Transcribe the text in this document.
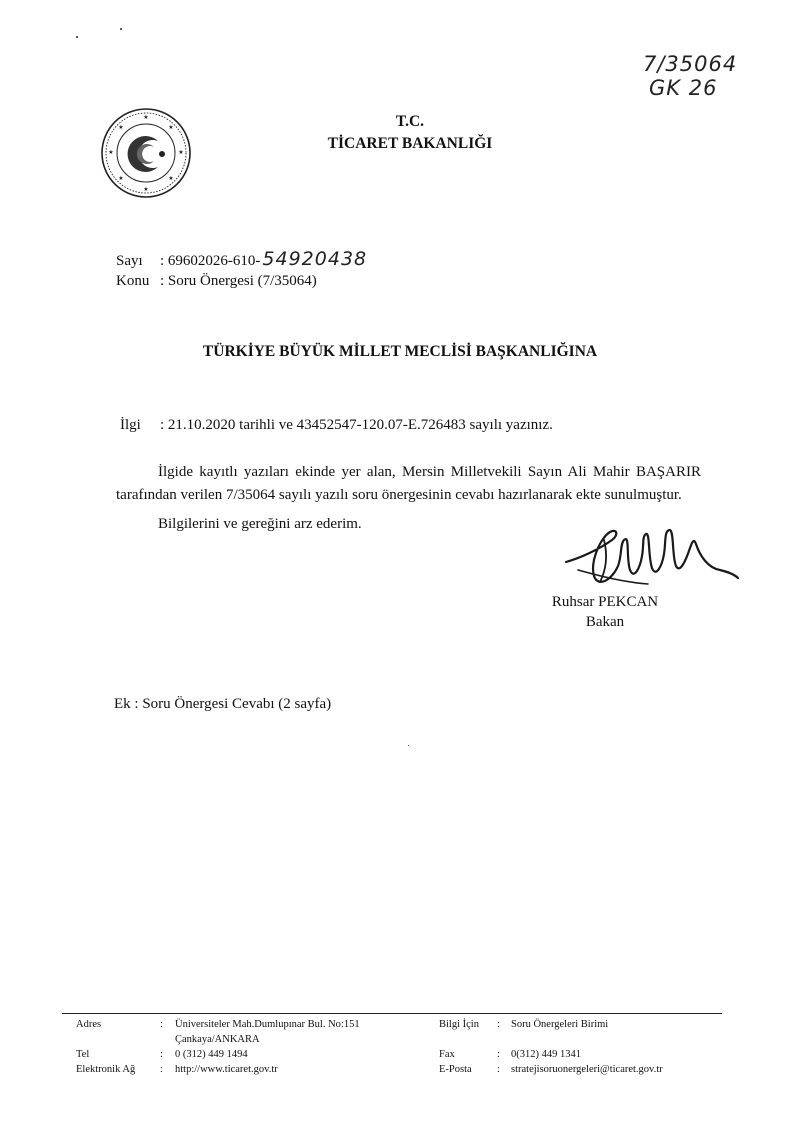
7/35064
GK 26
★
★
★
★
★
★
★
★	T.C.
TİCARET BAKANLIĞI
Sayı : 69602026-610- 54920438
Konu : Soru Önergesi (7/35064)
TÜRKİYE BÜYÜK MİLLET MECLİSİ BAŞKANLIĞINA
İlgi : 21.10.2020 tarihli ve 43452547-120.07-E.726483 sayılı yazınız.
İlgide kayıtlı yazıları ekinde yer alan, Mersin Milletvekili Sayın Ali Mahir BAŞARIR tarafından verilen 7/35064 sayılı yazılı soru önergesinin cevabı hazırlanarak ekte sunulmuştur.
Bilgilerini ve gereğini arz ederim.
Ruhsar PEKCAN
Bakan
Ek : Soru Önergesi Cevabı (2 sayfa)
Adres	:	Üniversiteler Mah.Dumlupınar Bul. No:151	Bilgi İçin	:	Soru Önergeleri Birimi
		Çankaya/ANKARA			
Tel	:	0 (312) 449 1494	Fax	:	0(312) 449 1341
Elektronik Ağ	:	http://www.ticaret.gov.tr	E-Posta	:	stratejisoruonergeleri@ticaret.gov.tr
